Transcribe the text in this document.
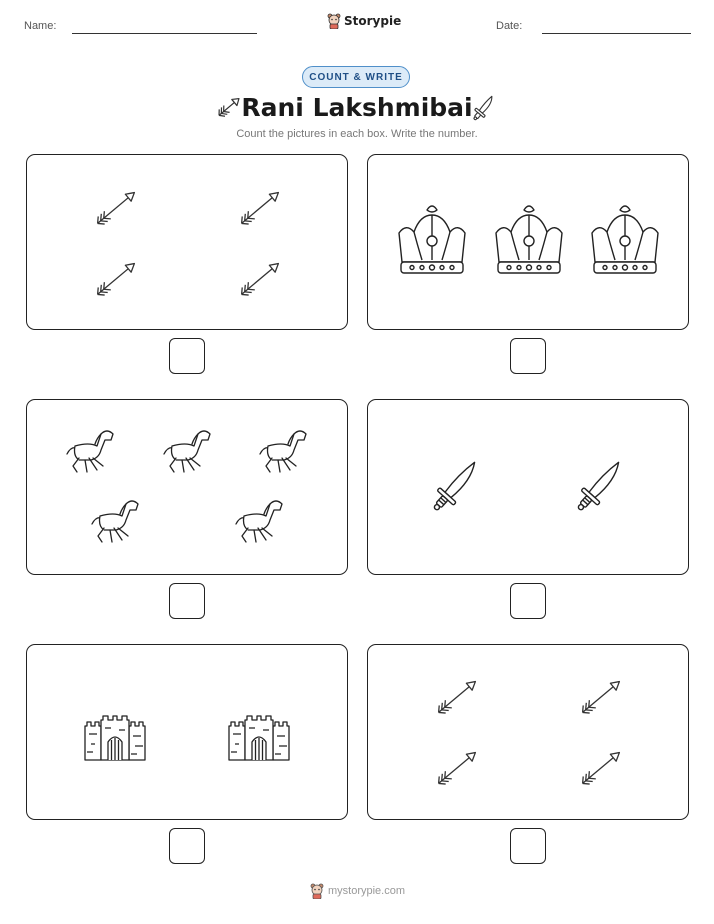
Name:	Storypie	Date:
COUNT & WRITE
Rani Lakshmibai
Count the pictures in each box. Write the number.
mystorypie.com
